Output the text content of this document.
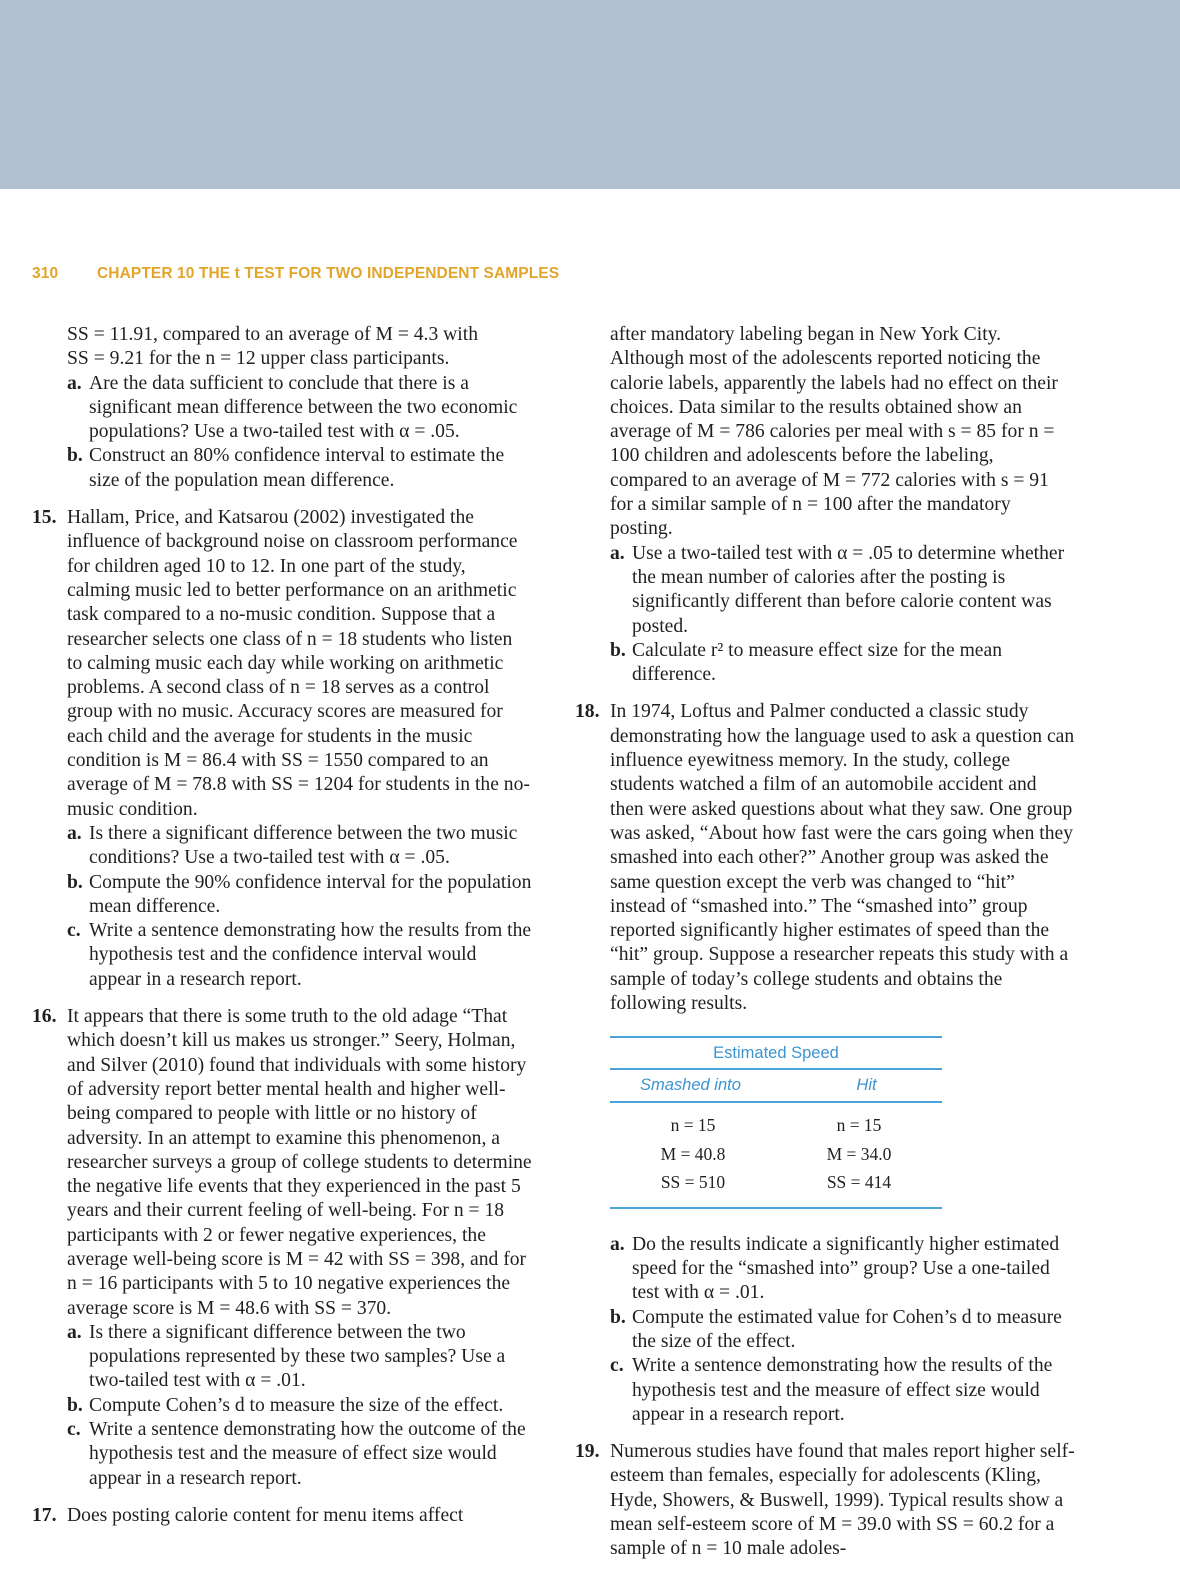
310	CHAPTER 10 THE t TEST FOR TWO INDEPENDENT SAMPLES

SS = 11.91, compared to an average of M = 4.3 with

SS = 9.21 for the n = 12 upper class participants.

a. Are the data sufficient to conclude that there is a significant mean difference between the two economic populations? Use a two-tailed test with α = .05.
b. Construct an 80% confidence interval to estimate the size of the population mean difference.
15. Hallam, Price, and Katsarou (2002) investigated the influence of background noise on classroom performance for children aged 10 to 12. In one part of the study, calming music led to better performance on an arithmetic task compared to a no-music condition. Suppose that a researcher selects one class of n = 18 students who listen to calming music each day while working on arithmetic problems. A second class of n = 18 serves as a control group with no music. Accuracy scores are measured for each child and the average for students in the music condition is M = 86.4 with SS = 1550 compared to an average of M = 78.8 with SS = 1204 for students in the no-music condition.
a. Is there a significant difference between the two music conditions? Use a two-tailed test with α = .05.
b. Compute the 90% confidence interval for the population mean difference.
c. Write a sentence demonstrating how the results from the hypothesis test and the confidence interval would appear in a research report.
16. It appears that there is some truth to the old adage “That which doesn’t kill us makes us stronger.” Seery, Holman, and Silver (2010) found that individuals with some history of adversity report better mental health and higher well-being compared to people with little or no history of adversity. In an attempt to examine this phenomenon, a researcher surveys a group of college students to determine the negative life events that they experienced in the past 5 years and their current feeling of well-being. For n = 18 participants with 2 or fewer negative experiences, the average well-being score is M = 42 with SS = 398, and for n = 16 participants with 5 to 10 negative experiences the average score is M = 48.6 with SS = 370.
a. Is there a significant difference between the two populations represented by these two samples? Use a two-tailed test with α = .01.
b. Compute Cohen’s d to measure the size of the effect.
c. Write a sentence demonstrating how the outcome of the hypothesis test and the measure of effect size would appear in a research report.
17. Does posting calorie content for menu items affect

after mandatory labeling began in New York City. Although most of the adolescents reported noticing the calorie labels, apparently the labels had no effect on their choices. Data similar to the results obtained show an average of M = 786 calories per meal with s = 85 for n = 100 children and adolescents before the labeling, compared to an average of M = 772 calories with s = 91 for a similar sample of n = 100 after the mandatory posting.

a. Use a two-tailed test with α = .05 to determine whether the mean number of calories after the posting is significantly different than before calorie content was posted.
b. Calculate r² to measure effect size for the mean difference.
18. In 1974, Loftus and Palmer conducted a classic study demonstrating how the language used to ask a question can influence eyewitness memory. In the study, college students watched a film of an automobile accident and then were asked questions about what they saw. One group was asked, “About how fast were the cars going when they smashed into each other?” Another group was asked the same question except the verb was changed to “hit” instead of “smashed into.” The “smashed into” group reported significantly higher estimates of speed than the “hit” group. Suppose a researcher repeats this study with a sample of today’s college students and obtains the following results.
Estimated Speed
Smashed into	Hit
n = 15
M = 40.8
SS = 510
n = 15
M = 34.0
SS = 414
a. Do the results indicate a significantly higher estimated speed for the “smashed into” group? Use a one-tailed test with α = .01.
b. Compute the estimated value for Cohen’s d to measure the size of the effect.
c. Write a sentence demonstrating how the results of the hypothesis test and the measure of effect size would appear in a research report.
19. Numerous studies have found that males report higher self-esteem than females, especially for adolescents (Kling, Hyde, Showers, & Buswell, 1999). Typical results show a mean self-esteem score of M = 39.0 with SS = 60.2 for a sample of n = 10 male adoles-
